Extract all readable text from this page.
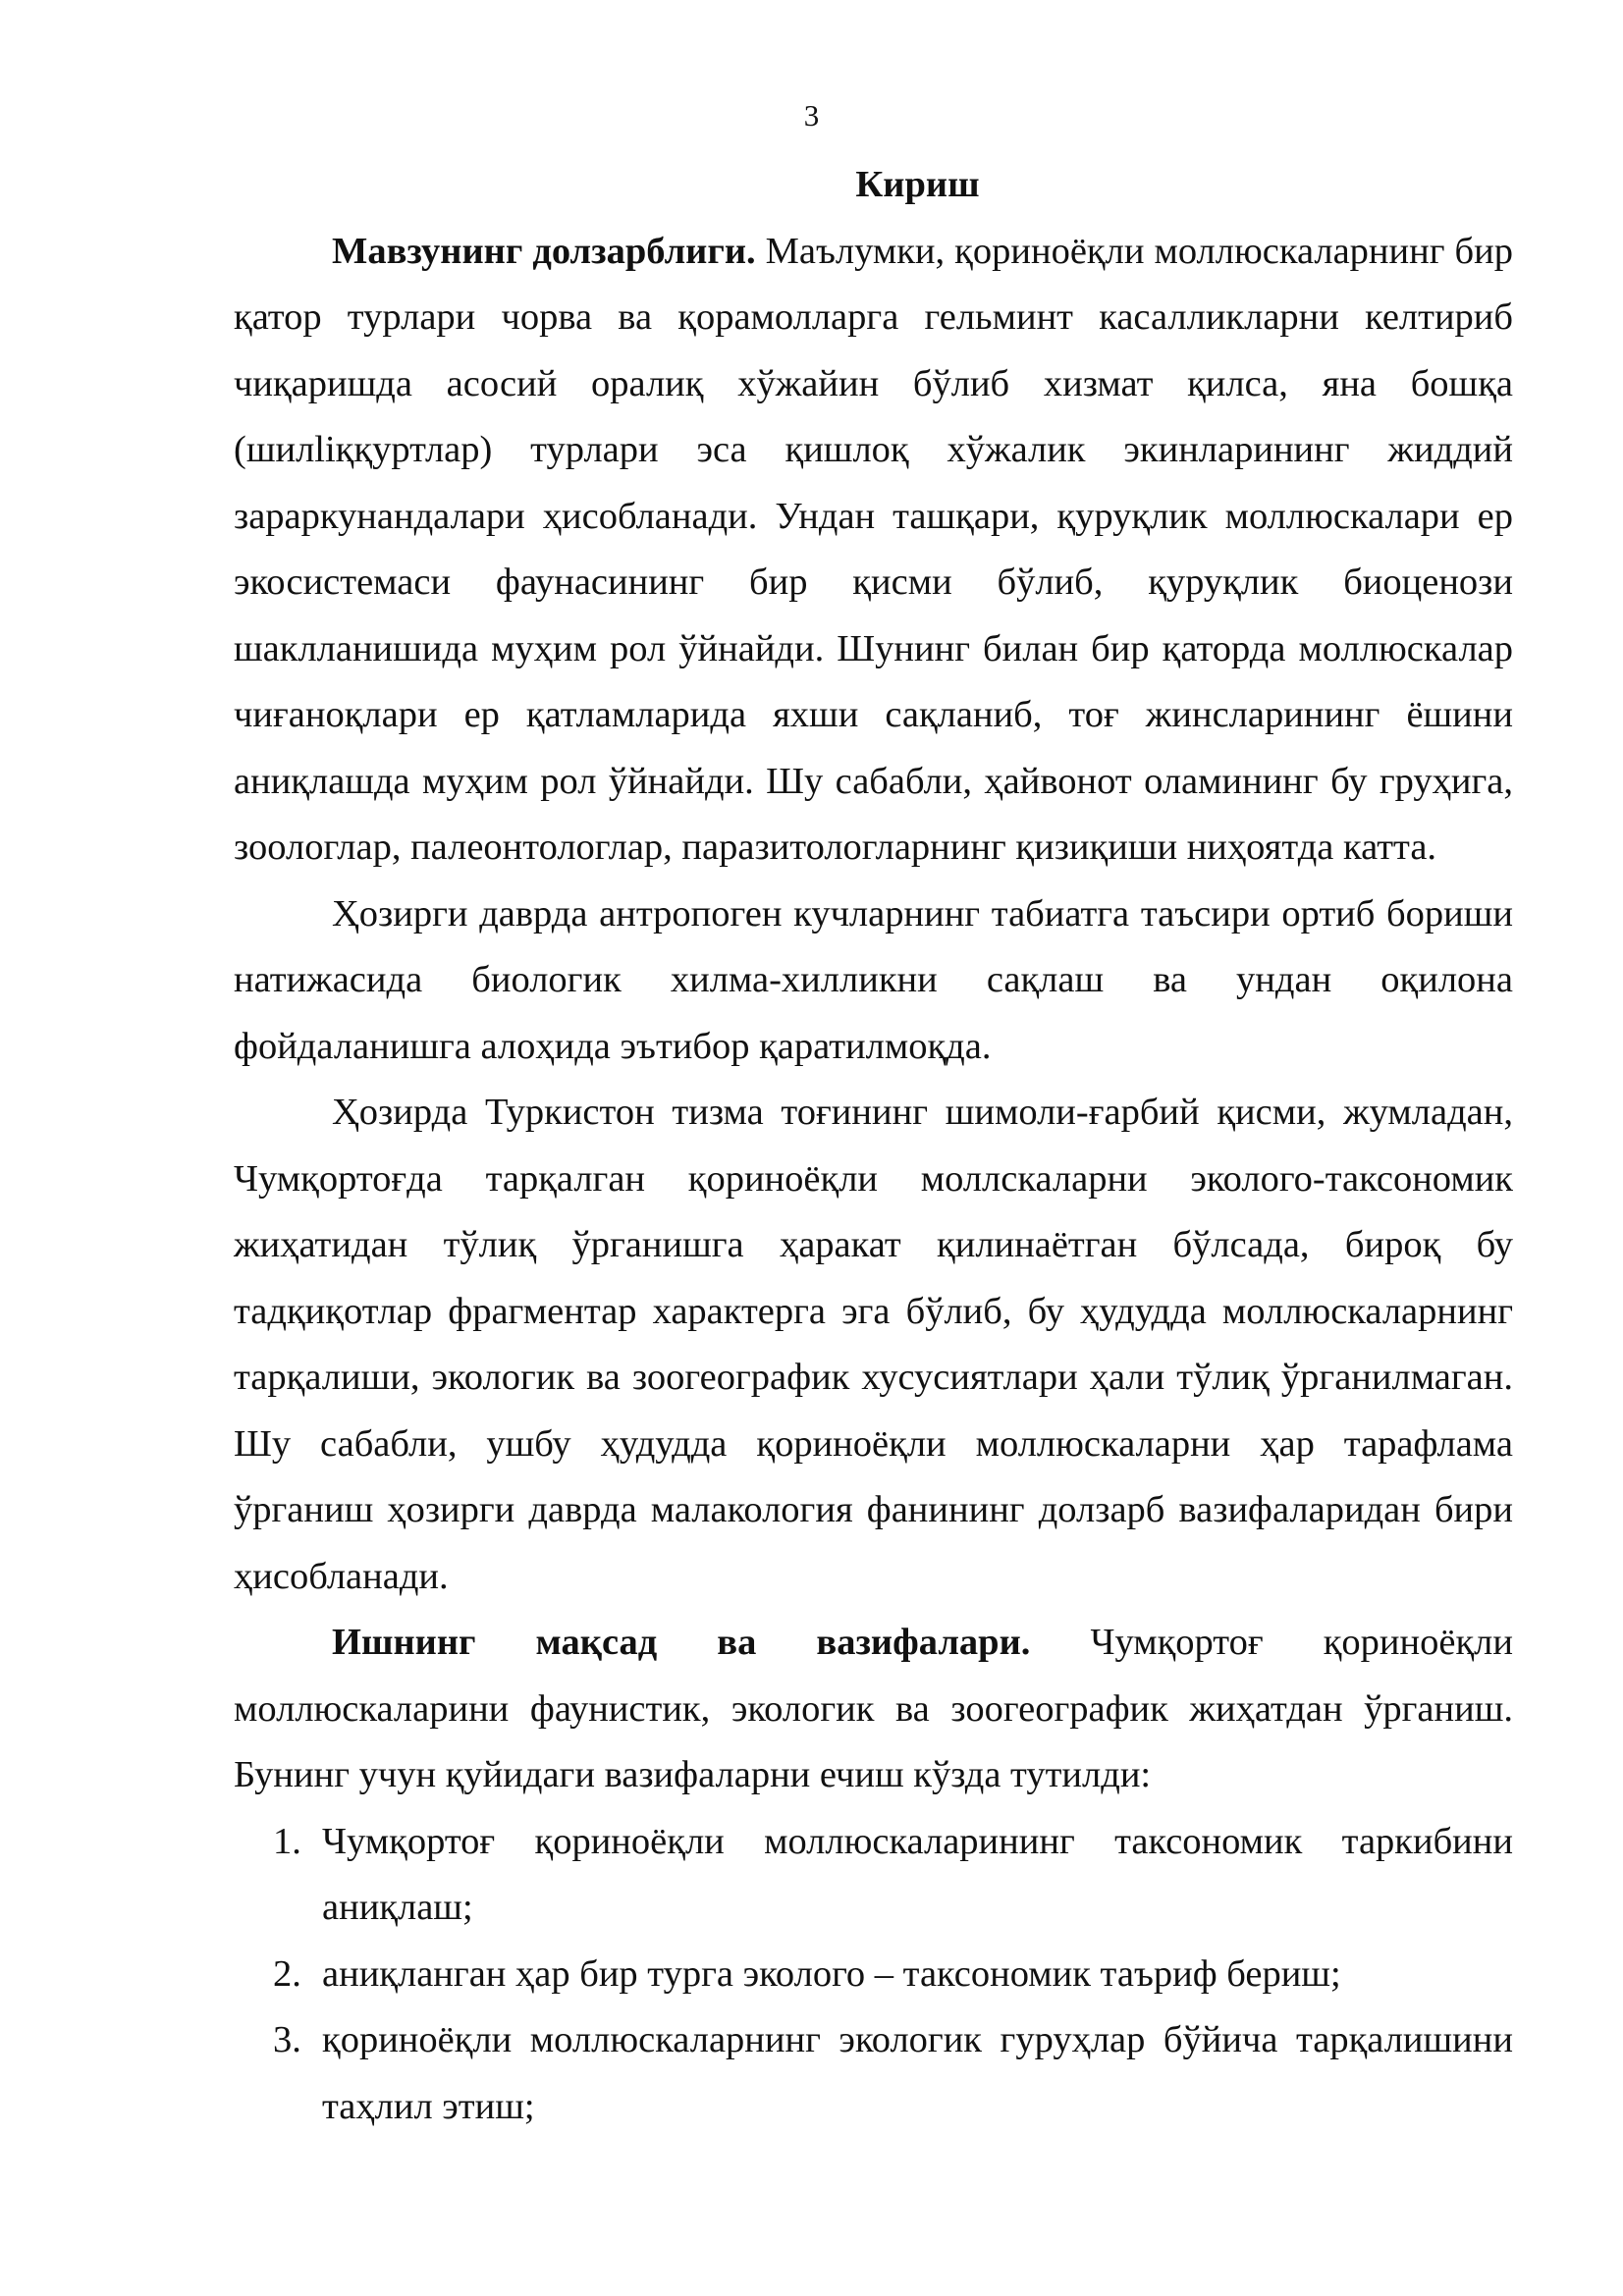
3
Кириш

Мавзунинг долзарблиги. Маълумки, қориноёқли моллюскаларнинг бир қатор турлари чорва ва қорамолларга гельминт касалликларни келтириб чиқаришда асосий оралиқ хўжайин бўлиб хизмат қилса, яна бошқа (шилliққуртлар) турлари эса қишлоқ хўжалик экинларининг жиддий зараркунандалари ҳисобланади. Ундан ташқари, қуруқлик моллюскалари ер экосистемаси фаунасининг бир қисми бўлиб, қуруқлик биоценози шаклланишида муҳим рол ўйнайди. Шунинг билан бир қаторда моллюскалар чиғаноқлари ер қатламларида яхши сақланиб, тоғ жинсларининг ёшини аниқлашда муҳим рол ўйнайди. Шу сабабли, ҳайвонот оламининг бу груҳига, зоологлар, палеонтологлар, паразитологларнинг қизиқиши ниҳоятда катта.

Ҳозирги даврда антропоген кучларнинг табиатга таъсири ортиб бориши натижасида биологик хилма-хилликни сақлаш ва ундан оқилона фойдаланишга алоҳида эътибор қаратилмоқда.

Ҳозирда Туркистон тизма тоғининг шимоли-ғарбий қисми, жумладан, Чумқортоғда тарқалган қориноёқли моллскаларни эколого-таксономик жиҳатидан тўлиқ ўрганишга ҳаракат қилинаётган бўлсада, бироқ бу тадқиқотлар фрагментар характерга эга бўлиб, бу ҳудудда моллюскаларнинг тарқалиши, экологик ва зоогеографик хусусиятлари ҳали тўлиқ ўрганилмаган. Шу сабабли, ушбу ҳудудда қориноёқли моллюскаларни ҳар тарафлама ўрганиш ҳозирги даврда малакология фанининг долзарб вазифаларидан бири ҳисобланади.

Ишнинг мақсад ва вазифалари. Чумқортоғ қориноёқли моллюскаларини фаунистик, экологик ва зоогеографик жиҳатдан ўрганиш. Бунинг учун қуйидаги вазифаларни ечиш кўзда тутилди:

1. Чумқортоғ қориноёқли моллюскаларининг таксономик таркибини аниқлаш;
2. аниқланган ҳар бир турга эколого – таксономик таъриф бериш;
3. қориноёқли моллюскаларнинг экологик гуруҳлар бўйича тарқалишини таҳлил этиш;
